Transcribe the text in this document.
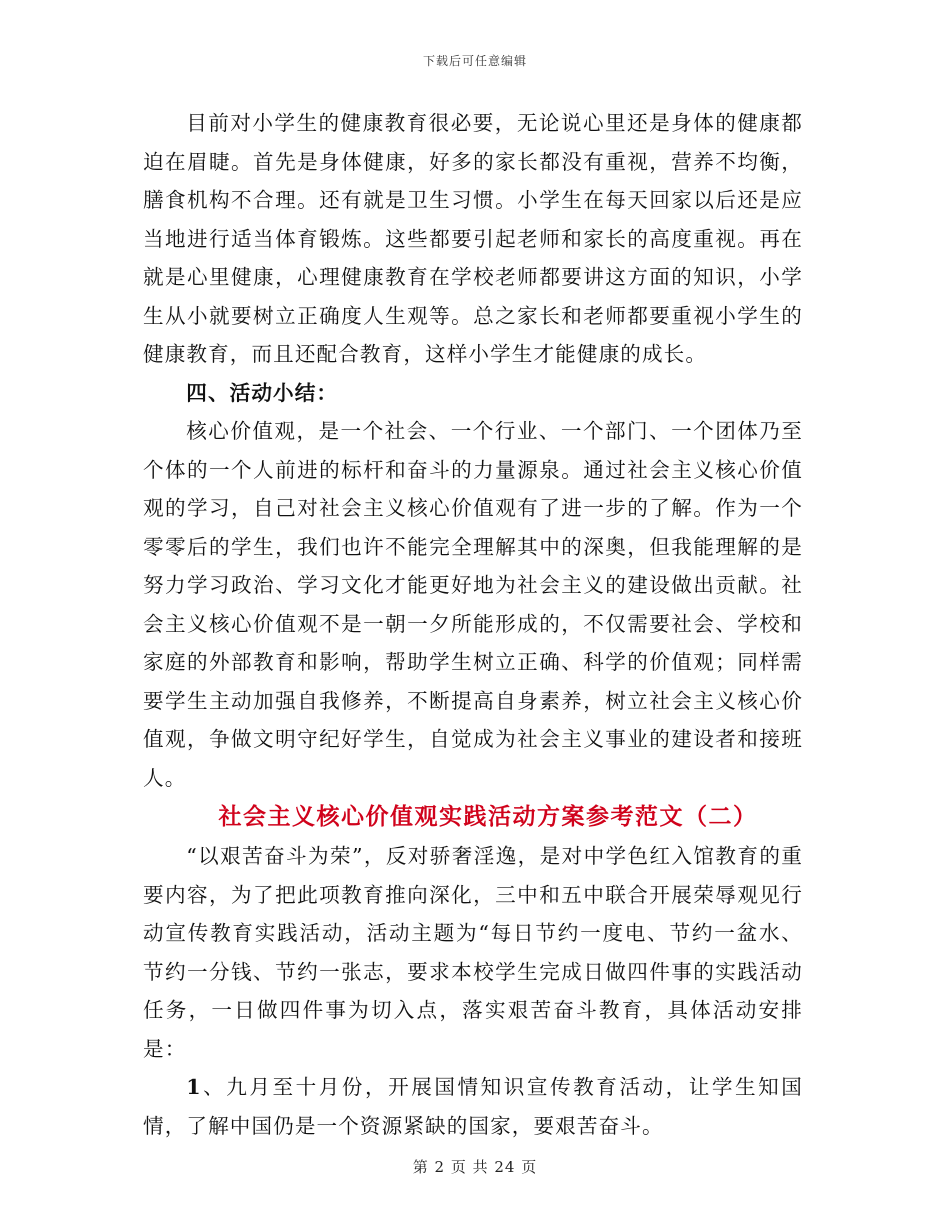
下载后可任意编辑

目前对小学生的健康教育很必要，无论说心里还是身体的健康都迫在眉睫。首先是身体健康，好多的家长都没有重视，营养不均衡，膳食机构不合理。还有就是卫生习惯。小学生在每天回家以后还是应当地进行适当体育锻炼。这些都要引起老师和家长的高度重视。再在就是心里健康，心理健康教育在学校老师都要讲这方面的知识，小学生从小就要树立正确度人生观等。总之家长和老师都要重视小学生的健康教育，而且还配合教育，这样小学生才能健康的成长。

四、活动小结：

核心价值观，是一个社会、一个行业、一个部门、一个团体乃至个体的一个人前进的标杆和奋斗的力量源泉。通过社会主义核心价值观的学习，自己对社会主义核心价值观有了进一步的了解。作为一个零零后的学生，我们也许不能完全理解其中的深奥，但我能理解的是努力学习政治、学习文化才能更好地为社会主义的建设做出贡献。社会主义核心价值观不是一朝一夕所能形成的，不仅需要社会、学校和家庭的外部教育和影响，帮助学生树立正确、科学的价值观；同样需要学生主动加强自我修养，不断提高自身素养，树立社会主义核心价值观，争做文明守纪好学生，自觉成为社会主义事业的建设者和接班人。

社会主义核心价值观实践活动方案参考范文（二）

“以艰苦奋斗为荣”，反对骄奢淫逸，是对中学色红入馆教育的重要内容，为了把此项教育推向深化，三中和五中联合开展荣辱观见行动宣传教育实践活动，活动主题为“每日节约一度电、节约一盆水、节约一分钱、节约一张志，要求本校学生完成日做四件事的实践活动任务，一日做四件事为切入点，落实艰苦奋斗教育，具体活动安排是：

1、九月至十月份，开展国情知识宣传教育活动，让学生知国情，了解中国仍是一个资源紧缺的国家，要艰苦奋斗。

第 2 页 共 24 页
